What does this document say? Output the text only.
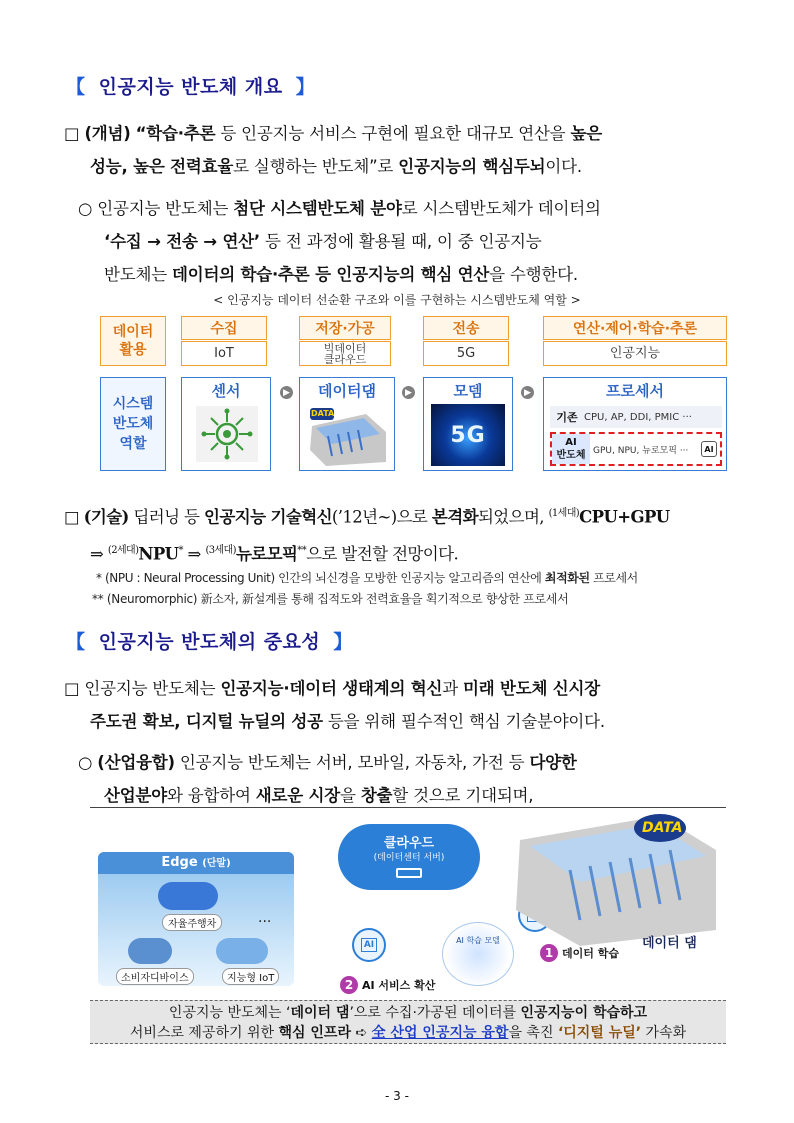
【 인공지능 반도체 개요 】
□ (개념) “학습·추론 등 인공지능 서비스 구현에 필요한 대규모 연산을 높은
성능, 높은 전력효율로 실행하는 반도체”로 인공지능의 핵심두뇌이다.
○ 인공지능 반도체는 첨단 시스템반도체 분야로 시스템반도체가 데이터의
‘수집 → 전송 → 연산’ 등 전 과정에 활용될 때, 이 중 인공지능
반도체는 데이터의 학습·추론 등 인공지능의 핵심 연산을 수행한다.
< 인공지능 데이터 선순환 구조와 이를 구현하는 시스템반도체 역할 >
데이터
활용
수집
IoT
저장·가공
빅데이터
클라우드
전송
5G
연산·제어·학습·추론
인공지능
시스템
반도체
역할
센서	▶	데이터댐
DATA
▶	모뎀
5G
▶	프로세서
기존 CPU, AP, DDI, PMIC ···
AI
반도체 GPU, NPU, 뉴로모픽 ···	AI
□ (기술) 딥러닝 등 인공지능 기술혁신(’12년~)으로 본격화되었으며, $^{(1세대)}$CPU+GPU
⇒ $^{(2세대)}$NPU* ⇒ $^{(3세대)}$뉴로모픽**으로 발전할 전망이다.
* (NPU : Neural Processing Unit) 인간의 뇌신경을 모방한 인공지능 알고리즘의 연산에 최적화된 프로세서
** (Neuromorphic) 新소자, 新설계를 통해 집적도와 전력효율을 획기적으로 향상한 프로세서
【 인공지능 반도체의 중요성 】
□ 인공지능 반도체는 인공지능·데이터 생태계의 혁신과 미래 반도체 신시장
주도권 확보, 디지털 뉴딜의 성공 등을 위해 필수적인 핵심 기술분야이다.
○ (산업융합) 인공지능 반도체는 서버, 모바일, 자동차, 가전 등 다양한
산업분야와 융합하여 새로운 시장을 창출할 것으로 기대되며,
Edge (단말)
자율주행차	···
소비자디바이스	지능형 IoT
클라우드
(데이터센터 서버)
AI	AI 학습 모델
1 데이터 학습
2 AI 서비스 확산
DATA
데이터 댐
인공지능 반도체는 ‘데이터 댐’으로 수집·가공된 데이터를 인공지능이 학습하고
서비스로 제공하기 위한 핵심 인프라 ➪ 全 산업 인공지능 융합을 촉진 ‘디지털 뉴딜’ 가속화
- 3 -
